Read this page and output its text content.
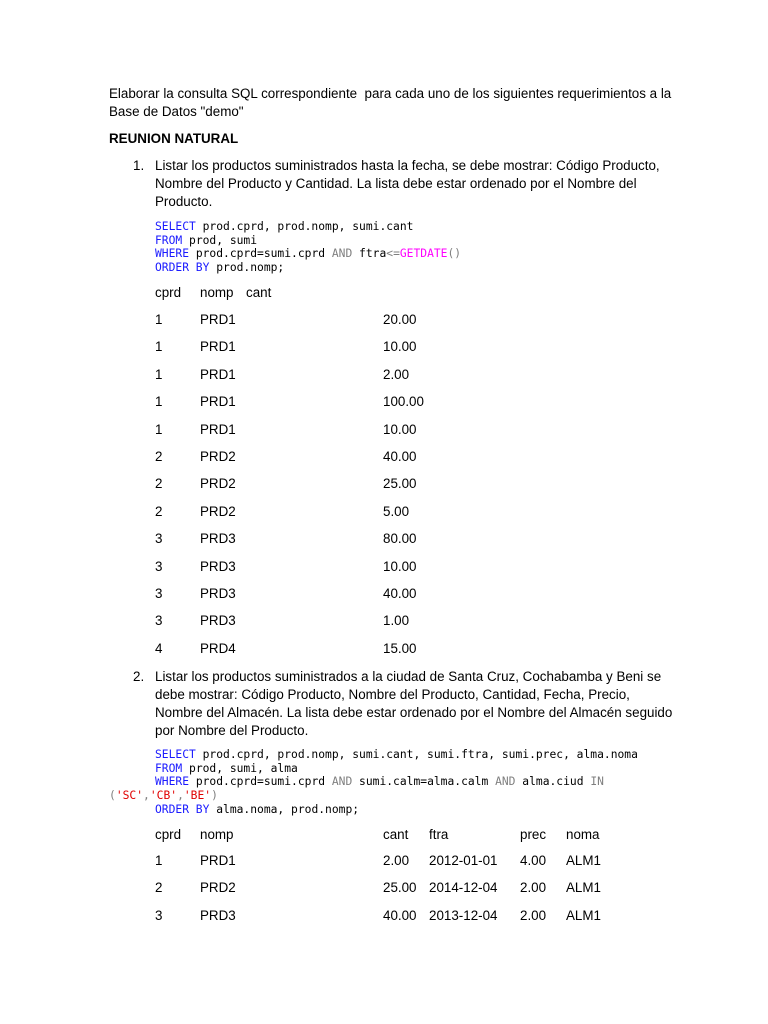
Elaborar la consulta SQL correspondiente  para cada uno de los siguientes requerimientos a la
Base de Datos "demo"
REUNION NATURAL
1. Listar los productos suministrados hasta la fecha, se debe mostrar: Código Producto,
Nombre del Producto y Cantidad. La lista debe estar ordenado por el Nombre del
Producto.
SELECT prod.cprd, prod.nomp, sumi.cant
FROM prod, sumi
WHERE prod.cprd=sumi.cprd AND ftra<=GETDATE()
ORDER BY prod.nomp;
cprd nomp cant
1	PRD1	20.00
1	PRD1	10.00
1	PRD1	2.00
1	PRD1	100.00
1	PRD1	10.00
2	PRD2	40.00
2	PRD2	25.00
2	PRD2	5.00
3	PRD3	80.00
3	PRD3	10.00
3	PRD3	40.00
3	PRD3	1.00
4	PRD4	15.00
2. Listar los productos suministrados a la ciudad de Santa Cruz, Cochabamba y Beni se
debe mostrar: Código Producto, Nombre del Producto, Cantidad, Fecha, Precio,
Nombre del Almacén. La lista debe estar ordenado por el Nombre del Almacén seguido
por Nombre del Producto.
SELECT prod.cprd, prod.nomp, sumi.cant, sumi.ftra, sumi.prec, alma.noma
FROM prod, sumi, alma
WHERE prod.cprd=sumi.cprd AND sumi.calm=alma.calm AND alma.ciud IN
('SC','CB','BE')
ORDER BY alma.noma, prod.nomp;
cprd nomp	cant ftra	prec noma
1	PRD1	2.00 2012-01-01 4.00 ALM1
2	PRD2	25.00 2014-12-04 2.00 ALM1
3	PRD3	40.00 2013-12-04 2.00 ALM1
